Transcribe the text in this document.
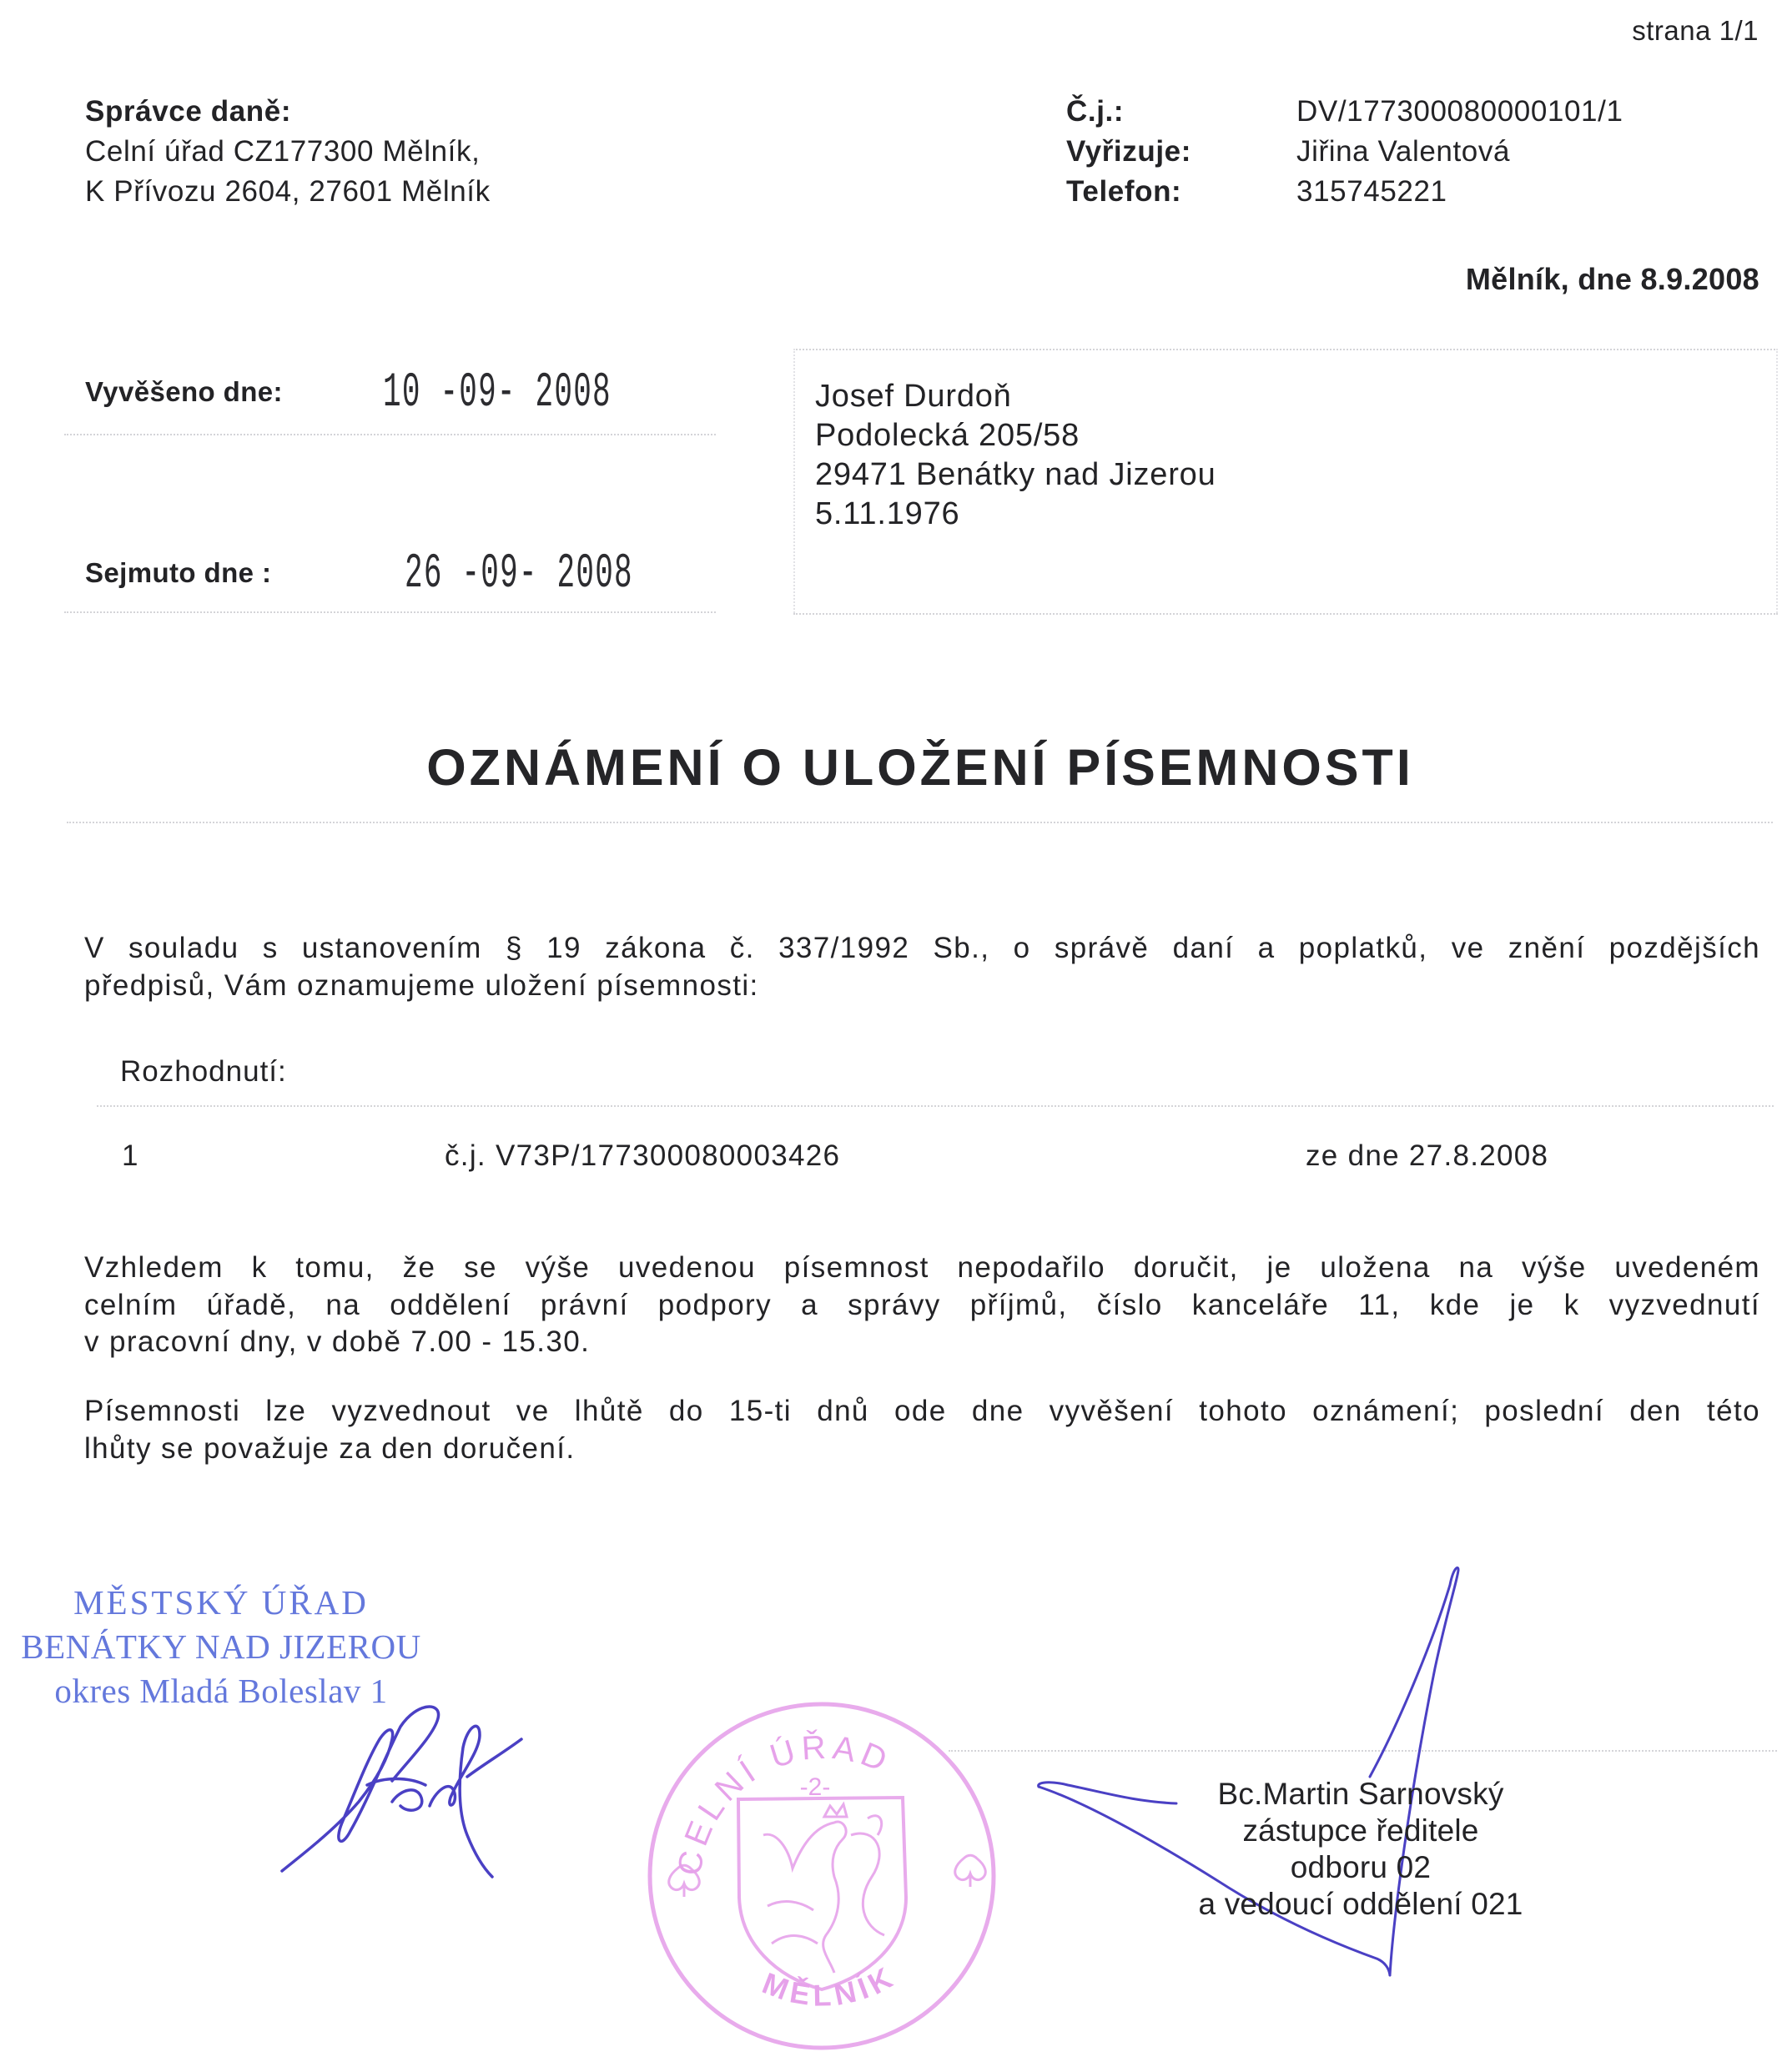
strana 1/1
Správce daně:
Celní úřad CZ177300 Mělník,
K Přívozu 2604, 27601 Mělník
Č.j.:	DV/177300080000101/1
Vyřizuje:	Jiřina Valentová
Telefon:	315745221
Mělník, dne 8.9.2008
Vyvěšeno dne: 10 -09- 2008
Sejmuto dne :	26 -09- 2008
Josef Durdoň
Podolecká 205/58
29471 Benátky nad Jizerou
5.11.1976
OZNÁMENÍ O ULOŽENÍ PÍSEMNOSTI
V souladu s ustanovením § 19 zákona č. 337/1992 Sb., o správě daní a poplatků, ve znění pozdějších
předpisů, Vám oznamujeme uložení písemnosti:
Rozhodnutí:
1	č.j. V73P/177300080003426	ze dne 27.8.2008
Vzhledem k tomu, že se výše uvedenou písemnost nepodařilo doručit, je uložena na výše uvedeném
celním úřadě, na oddělení právní podpory a správy příjmů, číslo kanceláře 11, kde je k vyzvednutí
v pracovní dny, v době 7.00 - 15.30.
Písemnosti lze vyzvednout ve lhůtě do 15-ti dnů ode dne vyvěšení tohoto oznámení; poslední den této
lhůty se považuje za den doručení.
MĚSTSKÝ ÚŘAD
BENÁTKY NAD JIZEROU
okres Mladá Boleslav 1
CELNÍ ÚŘAD
-2-
MĚLNÍK
Bc.Martin Sarnovský
zástupce ředitele
odboru 02
a vedoucí oddělení 021
